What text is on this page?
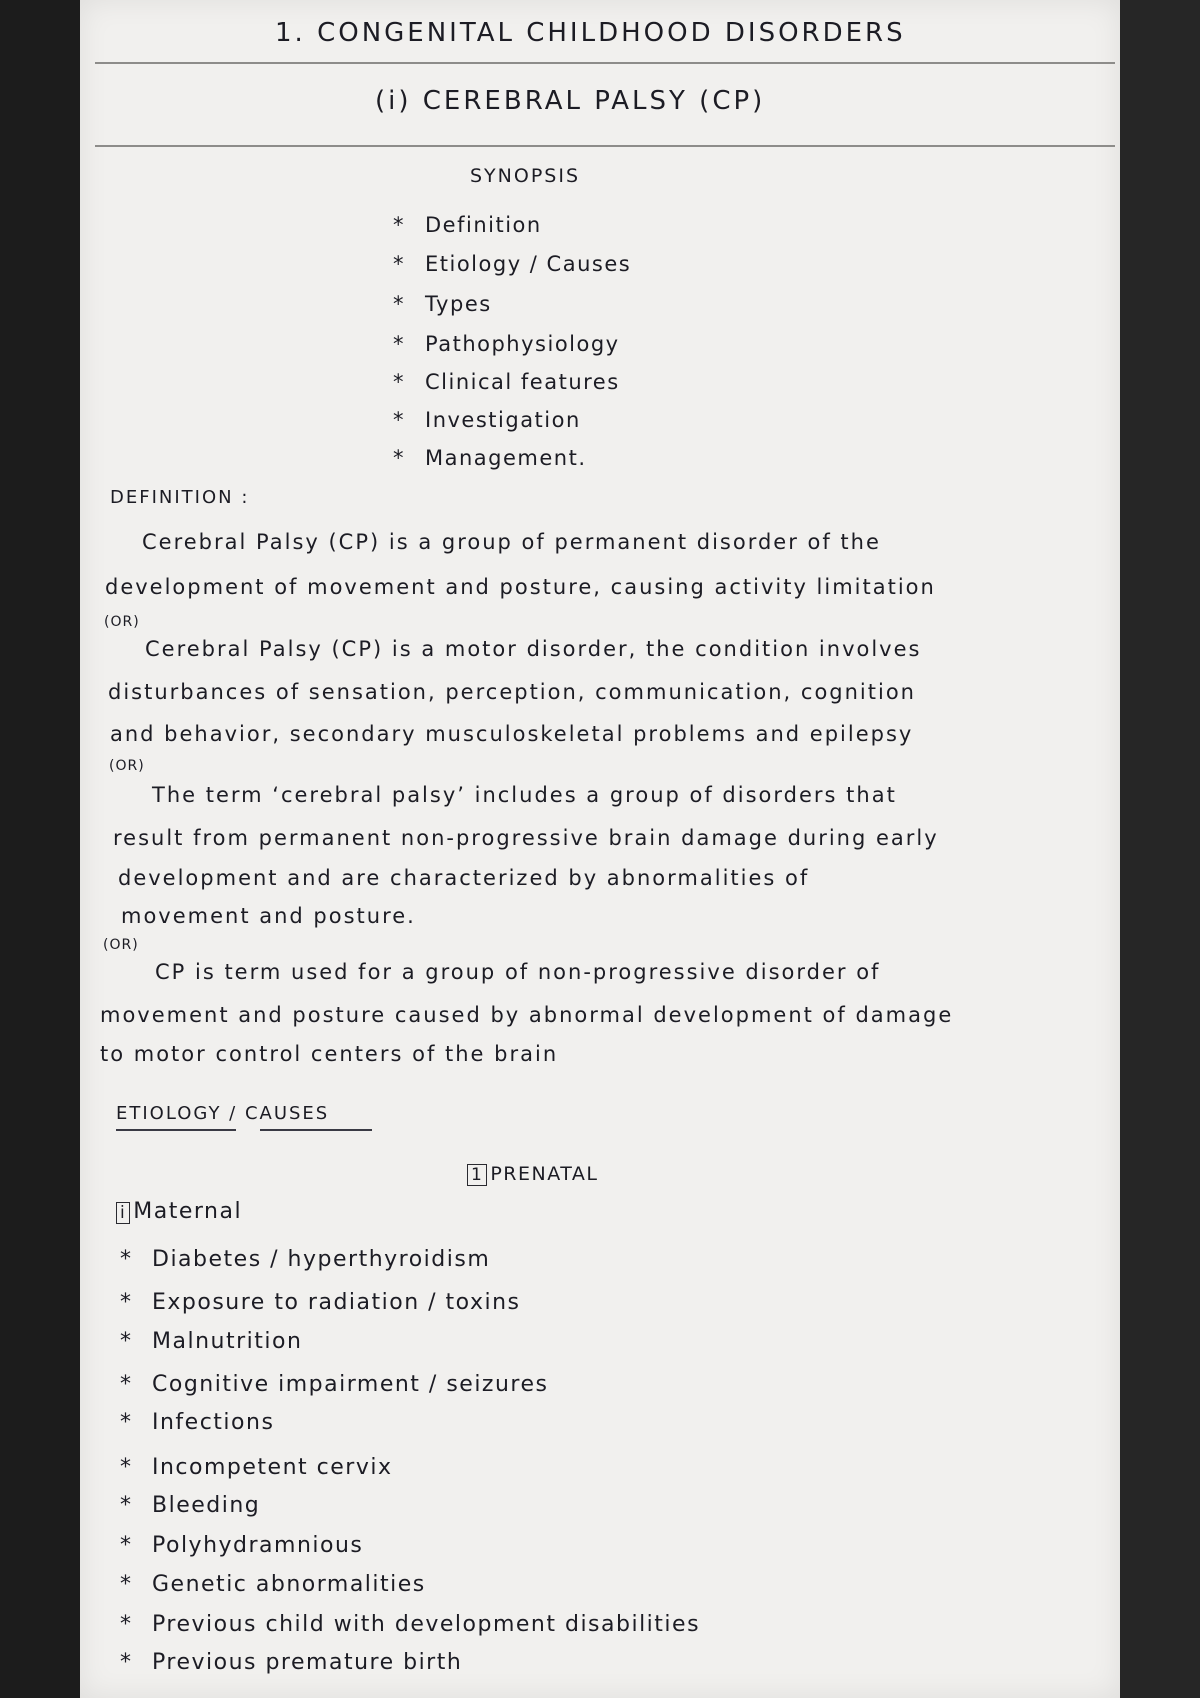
1. CONGENITAL CHILDHOOD DISORDERS
(i) CEREBRAL PALSY (CP)
SYNOPSIS
* Definition
* Etiology / Causes
* Types
* Pathophysiology
* Clinical features
* Investigation
* Management.
DEFINITION :
Cerebral Palsy (CP) is a group of permanent disorder of the
development of movement and posture, causing activity limitation
(OR)
Cerebral Palsy (CP) is a motor disorder, the condition involves
disturbances of sensation, perception, communication, cognition
and behavior, secondary musculoskeletal problems and epilepsy
(OR)
The term ‘cerebral palsy’ includes a group of disorders that
result from permanent non-progressive brain damage during early
development and are characterized by abnormalities of
movement and posture.
(OR)
CP is term used for a group of non-progressive disorder of
movement and posture caused by abnormal development of damage
to motor control centers of the brain
ETIOLOGY / CAUSES
1 PRENATAL
i Maternal
* Diabetes / hyperthyroidism
* Exposure to radiation / toxins
* Malnutrition
* Cognitive impairment / seizures
* Infections
* Incompetent cervix
* Bleeding
* Polyhydramnious
* Genetic abnormalities
* Previous child with development disabilities
* Previous premature birth
